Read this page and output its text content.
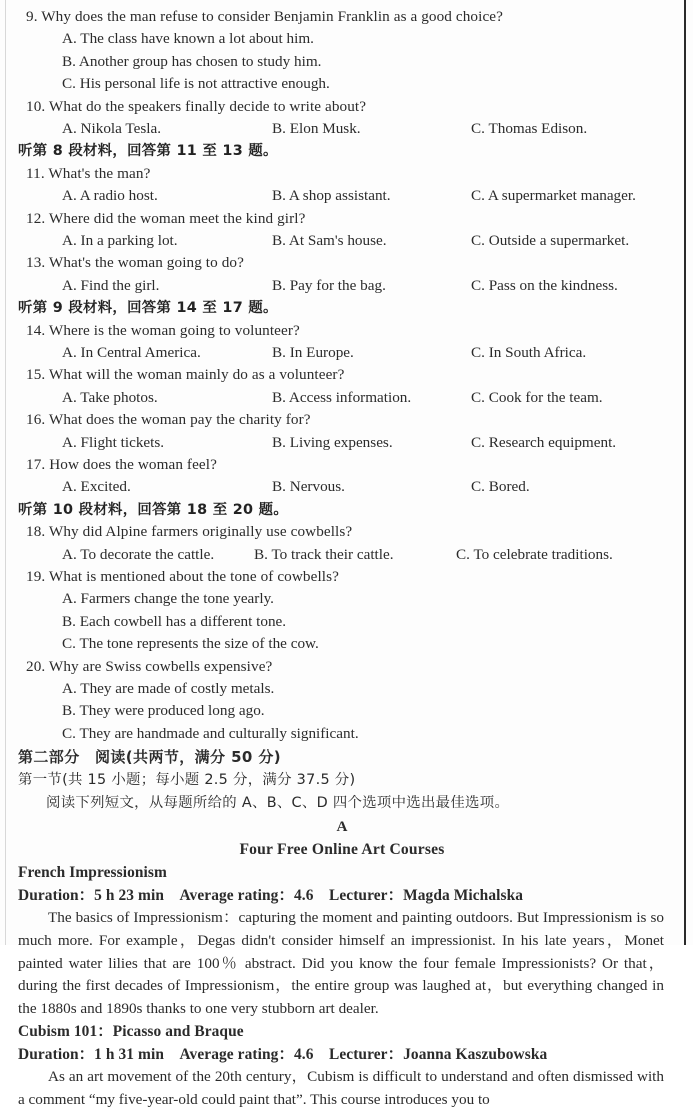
9. Why does the man refuse to consider Benjamin Franklin as a good choice?
A. The class have known a lot about him.
B. Another group has chosen to study him.
C. His personal life is not attractive enough.
10. What do the speakers finally decide to write about?
A. Nikola Tesla.	B. Elon Musk.	C. Thomas Edison.
听第 8 段材料，回答第 11 至 13 题。
11. What's the man?
A. A radio host.	B. A shop assistant.	C. A supermarket manager.
12. Where did the woman meet the kind girl?
A. In a parking lot.	B. At Sam's house.	C. Outside a supermarket.
13. What's the woman going to do?
A. Find the girl.	B. Pay for the bag.	C. Pass on the kindness.
听第 9 段材料，回答第 14 至 17 题。
14. Where is the woman going to volunteer?
A. In Central America.	B. In Europe.	C. In South Africa.
15. What will the woman mainly do as a volunteer?
A. Take photos.	B. Access information.	C. Cook for the team.
16. What does the woman pay the charity for?
A. Flight tickets.	B. Living expenses.	C. Research equipment.
17. How does the woman feel?
A. Excited.	B. Nervous.	C. Bored.
听第 10 段材料，回答第 18 至 20 题。
18. Why did Alpine farmers originally use cowbells?
A. To decorate the cattle.	B. To track their cattle.	C. To celebrate traditions.
19. What is mentioned about the tone of cowbells?
A. Farmers change the tone yearly.
B. Each cowbell has a different tone.
C. The tone represents the size of the cow.
20. Why are Swiss cowbells expensive?
A. They are made of costly metals.
B. They were produced long ago.
C. They are handmade and culturally significant.
第二部分　阅读(共两节，满分 50 分)
第一节(共 15 小题；每小题 2.5 分，满分 37.5 分)
阅读下列短文，从每题所给的 A、B、C、D 四个选项中选出最佳选项。
A
Four Free Online Art Courses
French Impressionism
Duration：5 h 23 min　Average rating：4.6　Lecturer：Magda Michalska

The basics of Impressionism：capturing the moment and painting outdoors. But Impressionism is so much more. For example，Degas didn't consider himself an impressionist. In his late years，Monet painted water lilies that are 100％ abstract. Did you know the four female Impressionists? Or that，during the first decades of Impressionism，the entire group was laughed at，but everything changed in the 1880s and 1890s thanks to one very stubborn art dealer.

Cubism 101：Picasso and Braque
Duration：1 h 31 min　Average rating：4.6　Lecturer：Joanna Kaszubowska

As an art movement of the 20th century，Cubism is difficult to understand and often dismissed with a comment “my five-year-old could paint that”. This course introduces you to
